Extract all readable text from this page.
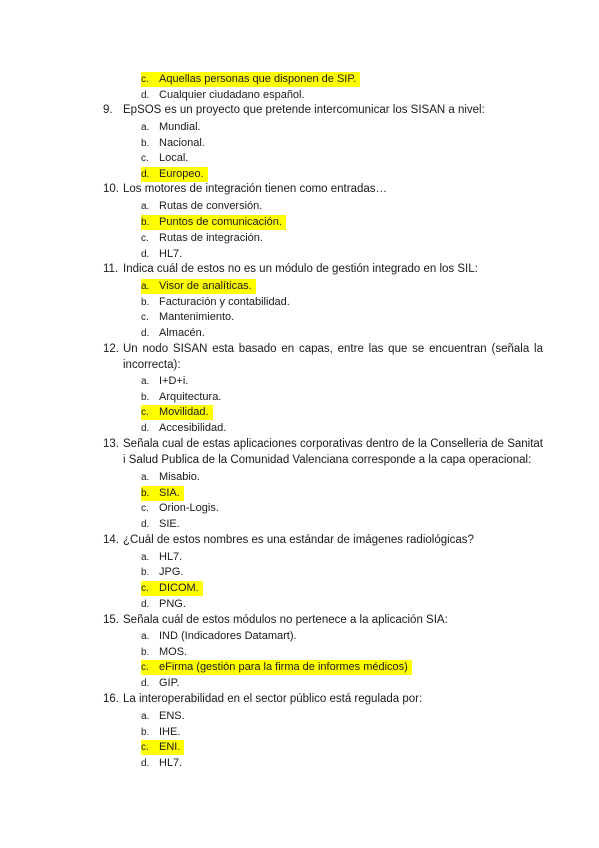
c. Aquellas personas que disponen de SIP.
d. Cualquier ciudadano español.
9. EpSOS es un proyecto que pretende intercomunicar los SISAN a nivel:
a. Mundial.
b. Nacional.
c. Local.
d. Europeo.
10. Los motores de integración tienen como entradas…
a. Rutas de conversión.
b. Puntos de comunicación.
c. Rutas de integración.
d. HL7.
11. Indica cuál de estos no es un módulo de gestión integrado en los SIL:
a. Visor de analíticas.
b. Facturación y contabilidad.
c. Mantenimiento.
d. Almacén.
12. Un nodo SISAN esta basado en capas, entre las que se encuentran (señala la incorrecta):
a. I+D+i.
b. Arquitectura.
c. Movilidad.
d. Accesibilidad.
13. Señala cual de estas aplicaciones corporativas dentro de la Conselleria de Sanitat i Salud Publica de la Comunidad Valenciana corresponde a la capa operacional:
a. Misabio.
b. SIA.
c. Orion-Logis.
d. SIE.
14. ¿Cuál de estos nombres es una estándar de imágenes radiológicas?
a. HL7.
b. JPG.
c. DICOM.
d. PNG.
15. Señala cuál de estos módulos no pertenece a la aplicación SIA:
a. IND (Indicadores Datamart).
b. MOS.
c. eFirma (gestión para la firma de informes médicos)
d. GIP.
16. La interoperabilidad en el sector público está regulada por:
a. ENS.
b. IHE.
c. ENI.
d. HL7.
